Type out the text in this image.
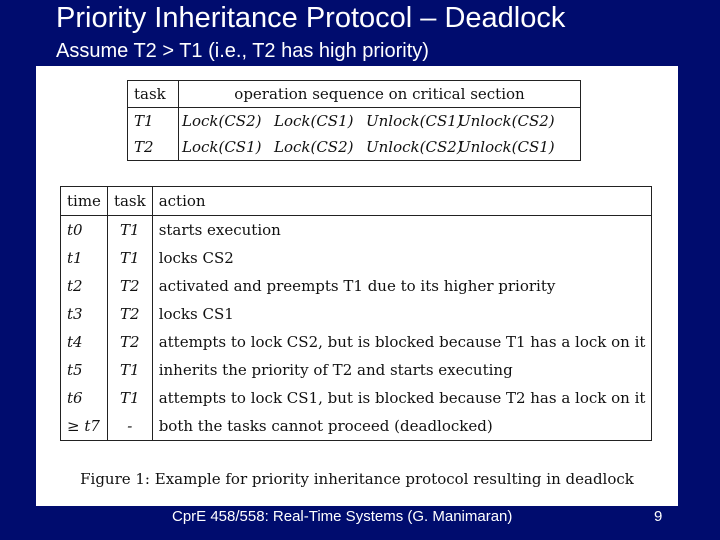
Priority Inheritance Protocol – Deadlock
Assume T2 > T1 (i.e., T2 has high priority)
task	operation sequence on critical section
T1	Lock(CS2) Lock(CS1) Unlock(CS1)Unlock(CS2)
T2	Lock(CS1) Lock(CS2) Unlock(CS2)Unlock(CS1)
time	task	action
t0	T1	starts execution
t1	T1	locks CS2
t2	T2	activated and preempts T1 due to its higher priority
t3	T2	locks CS1
t4	T2	attempts to lock CS2, but is blocked because T1 has a lock on it
t5	T1	inherits the priority of T2 and starts executing
t6	T1	attempts to lock CS1, but is blocked because T2 has a lock on it
≥ t7	-	both the tasks cannot proceed (deadlocked)
Figure 1: Example for priority inheritance protocol resulting in deadlock
CprE 458/558: Real-Time Systems (G. Manimaran)	9
